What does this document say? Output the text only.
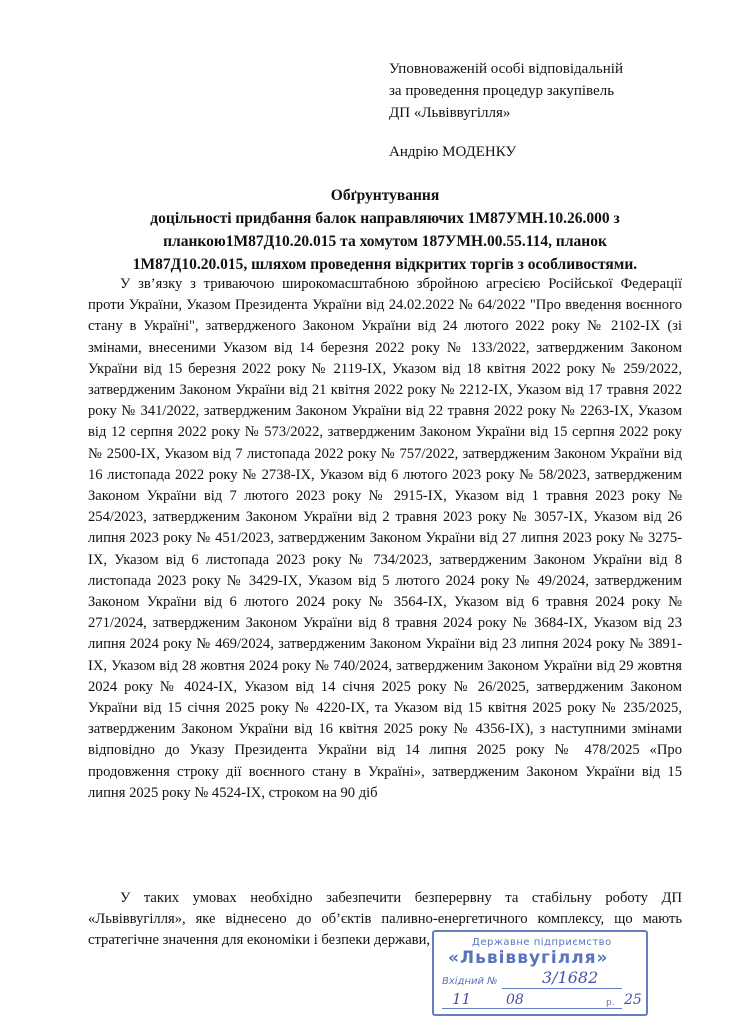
Уповноваженій особі відповідальній
за проведення процедур закупівель
ДП «Львіввугілля»
Андрію МОДЕНКУ
Обґрунтування
доцільності придбання балок направляючих 1М87УМН.10.26.000 з
планкою1М87Д10.20.015 та хомутом 187УМН.00.55.114, планок
1М87Д10.20.015, шляхом проведення відкритих торгів з особливостями.

У зв’язку з триваючою широкомасштабною збройною агресією Російської Федерації проти України, Указом Президента України від 24.02.2022 № 64/2022 "Про введення воєнного стану в Україні", затвердженого Законом України від 24 лютого 2022 року № 2102-IX (зі змінами, внесеними Указом від 14 березня 2022 року № 133/2022, затвердженим Законом України від 15 березня 2022 року № 2119-IX, Указом від 18 квітня 2022 року № 259/2022, затвердженим Законом України від 21 квітня 2022 року № 2212-IX, Указом від 17 травня 2022 року № 341/2022, затвердженим Законом України від 22 травня 2022 року № 2263-IX, Указом від 12 серпня 2022 року № 573/2022, затвердженим Законом України від 15 серпня 2022 року № 2500-IX, Указом від 7 листопада 2022 року № 757/2022, затвердженим Законом України від 16 листопада 2022 року № 2738-IX, Указом від 6 лютого 2023 року № 58/2023, затвердженим Законом України від 7 лютого 2023 року № 2915-IX, Указом від 1 травня 2023 року № 254/2023, затвердженим Законом України від 2 травня 2023 року № 3057-IX, Указом від 26 липня 2023 року № 451/2023, затвердженим Законом України від 27 липня 2023 року № 3275-IX, Указом від 6 листопада 2023 року № 734/2023, затвердженим Законом України від 8 листопада 2023 року № 3429-IX, Указом від 5 лютого 2024 року № 49/2024, затвердженим Законом України від 6 лютого 2024 року № 3564-IX, Указом від 6 травня 2024 року № 271/2024, затвердженим Законом України від 8 травня 2024 року № 3684-IX, Указом від 23 липня 2024 року № 469/2024, затвердженим Законом України від 23 липня 2024 року № 3891-IX, Указом від 28 жовтня 2024 року № 740/2024, затвердженим Законом України від 29 жовтня 2024 року № 4024-IX, Указом від 14 січня 2025 року № 26/2025, затвердженим Законом України від 15 січня 2025 року № 4220-IX, та Указом від 15 квітня 2025 року № 235/2025, затвердженим Законом України від 16 квітня 2025 року № 4356-IX), з наступними змінами відповідно до Указу Президента України від 14 липня 2025 року № 478/2025 «Про продовження строку дії воєнного стану в Україні», затвердженим Законом України від 15 липня 2025 року № 4524-IX, строком на 90 діб

У таких умовах необхідно забезпечити безперервну та стабільну роботу ДП «Львіввугілля», яке віднесено до об’єктів паливно-енергетичного комплексу, що мають стратегічне значення для економіки і безпеки держави,	Державне підприємство
«Львіввугілля»
Вхідний №	3/1682
11 08	25
р.
